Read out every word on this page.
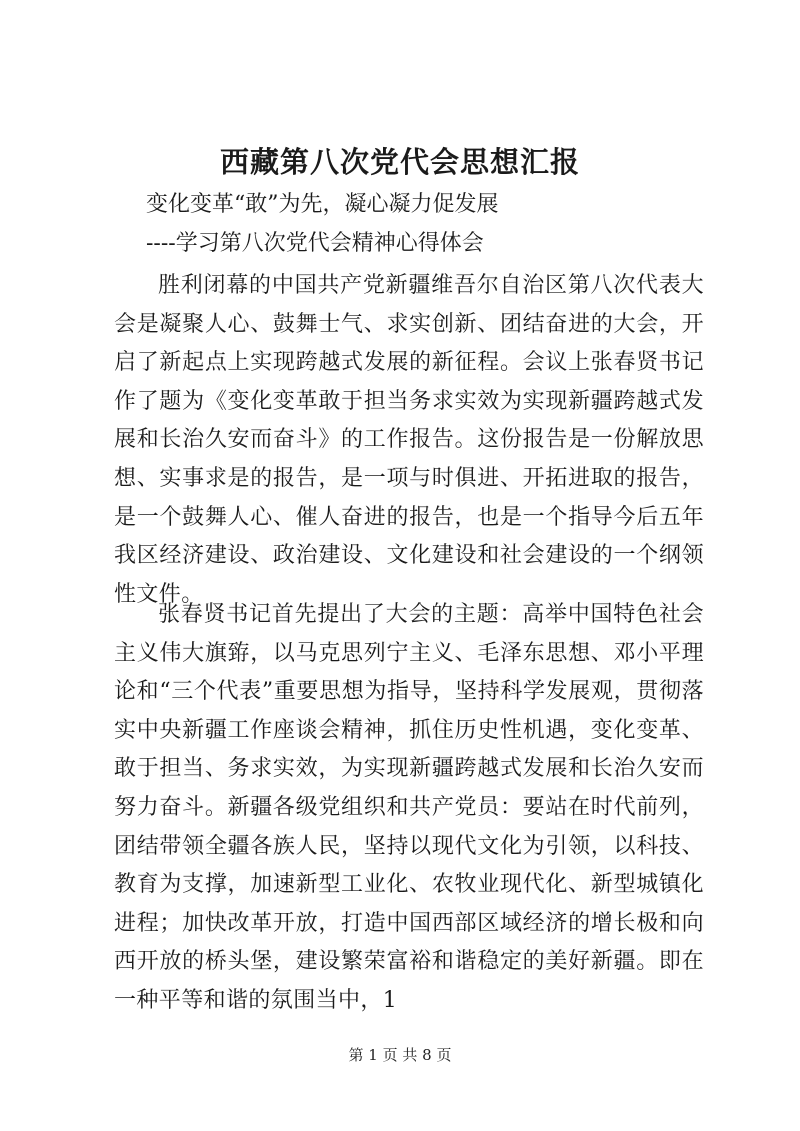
西藏第八次党代会思想汇报

变化变革“敢”为先，凝心凝力促发展

----学习第八次党代会精神心得体会

胜利闭幕的中国共产党新疆维吾尔自治区第八次代表大会是凝聚人心、鼓舞士气、求实创新、团结奋进的大会，开启了新起点上实现跨越式发展的新征程。会议上张春贤书记作了题为《变化变革敢于担当务求实效为实现新疆跨越式发展和长治久安而奋斗》的工作报告。这份报告是一份解放思想、实事求是的报告，是一项与时俱进、开拓进取的报告，是一个鼓舞人心、催人奋进的报告，也是一个指导今后五年我区经济建设、政治建设、文化建设和社会建设的一个纲领性文件。

张春贤书记首先提出了大会的主题：高举中国特色社会主义伟大旗臶，以马克思列宁主义、毛泽东思想、邓小平理论和“三个代表”重要思想为指导，坚持科学发展观，贯彻落实中央新疆工作座谈会精神，抓住历史性机遇，变化变革、敢于担当、务求实效，为实现新疆跨越式发展和长治久安而努力奋斗。新疆各级党组织和共产党员：要站在时代前列，团结带领全疆各族人民，坚持以现代文化为引领，以科技、教育为支撑，加速新型工业化、农牧业现代化、新型城镇化进程；加快改革开放，打造中国西部区域经济的增长极和向西开放的桥头堡，建设繁荣富裕和谐稳定的美好新疆。即在一种平等和谐的氛围当中，1

第 1 页 共 8 页
